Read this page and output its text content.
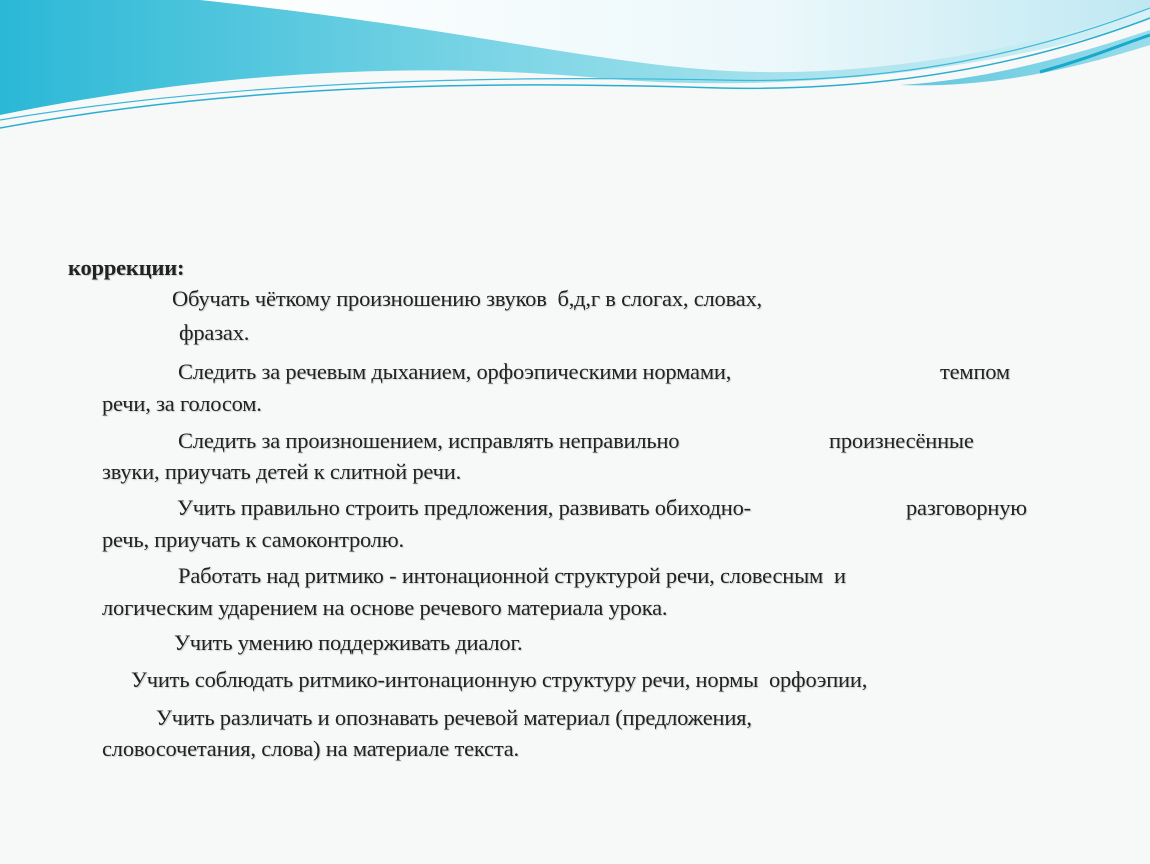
коррекции:
Обучать чёткому произношению звуков  б,д,г в слогах, словах,
фразах.
Следить за речевым дыханием, орфоэпическими нормами,	темпом
речи, за голосом.
Следить за произношением, исправлять неправильно	произнесённые
звуки, приучать детей к слитной речи.
Учить правильно строить предложения, развивать обиходно-	разговорную
речь, приучать к самоконтролю.
Работать над ритмико - интонационной структурой речи, словесным  и
логическим ударением на основе речевого материала урока.
Учить умению поддерживать диалог.
Учить соблюдать ритмико-интонационную структуру речи, нормы  орфоэпии,
Учить различать и опознавать речевой материал (предложения,
словосочетания, слова) на материале текста.
